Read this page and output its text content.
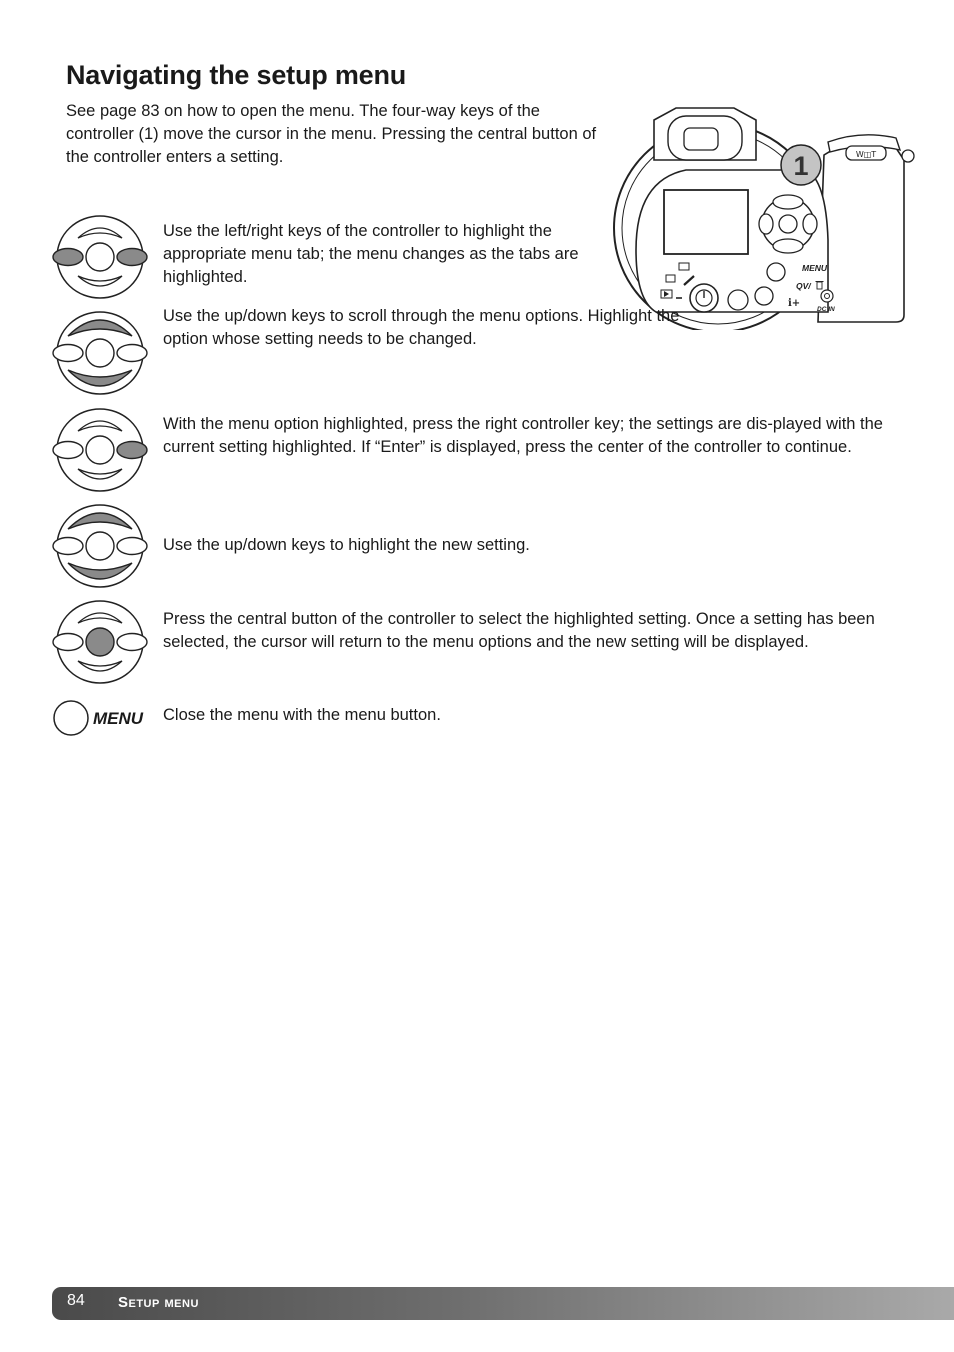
Navigating the setup menu

See page 83 on how to open the menu. The four-way keys of the controller (1) move the cursor in the menu. Pressing the central button of the controller enters a setting.	W◫T
MENU
QV/
i+
DC IN
1

Use the left/right keys of the controller to highlight the appropriate menu tab; the menu changes as the tabs are highlighted.

Use the up/down keys to scroll through the menu options. Highlight the option whose setting needs to be changed.

With the menu option highlighted, press the right controller key; the settings are dis-played with the current setting highlighted. If “Enter” is displayed, press the center of the controller to continue.

Use the up/down keys to highlight the new setting.

Press the central button of the controller to select the highlighted setting. Once a setting has been selected, the cursor will return to the menu options and the new setting will be displayed.

MENU Close the menu with the menu button.

84 Setup menu
